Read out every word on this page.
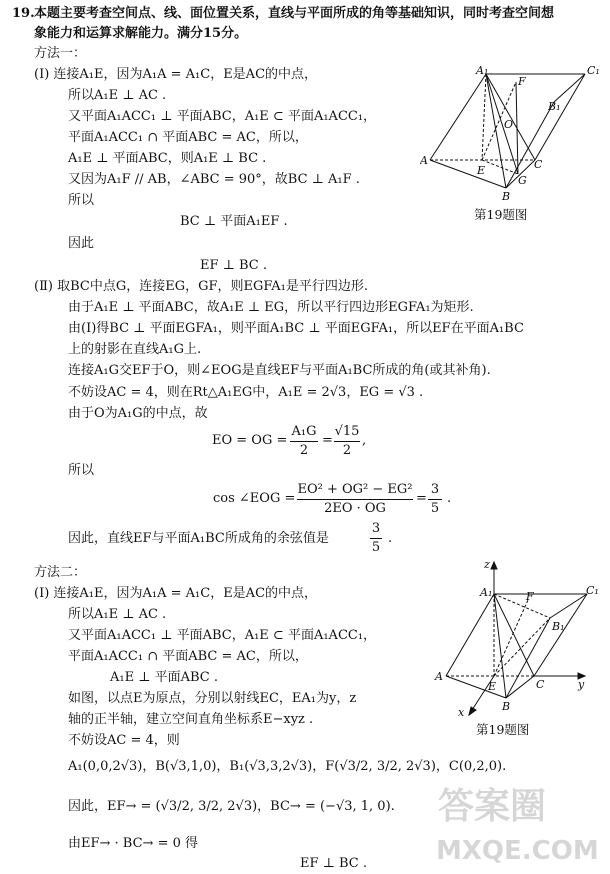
19. 本题主要考查空间点、线、面位置关系，直线与平面所成的角等基础知识，同时考查空间想
象能力和运算求解能力。满分15分。
方法一：
(Ⅰ) 连接A₁E，因为A₁A = A₁C，E是AC的中点，
所以A₁E ⊥ AC .
又平面A₁ACC₁ ⊥ 平面ABC，A₁E ⊂ 平面A₁ACC₁，
平面A₁ACC₁ ∩ 平面ABC = AC，所以，
A₁E ⊥ 平面ABC，则A₁E ⊥ BC .
又因为A₁F // AB，∠ABC = 90°，故BC ⊥ A₁F .
所以
BC ⊥ 平面A₁EF .
因此
EF ⊥ BC .
A₁	C₁
F
B₁
O
A
E	C
G
B
第19题图
(Ⅱ) 取BC中点G，连接EG，GF，则EGFA₁是平行四边形.
由于A₁E ⊥ 平面ABC，故A₁E ⊥ EG，所以平行四边形EGFA₁为矩形.
由(Ⅰ)得BC ⊥ 平面EGFA₁，则平面A₁BC ⊥ 平面EGFA₁，所以EF在平面A₁BC
上的射影在直线A₁G上.
连接A₁G交EF于O，则∠EOG是直线EF与平面A₁BC所成的角(或其补角).
不妨设AC = 4，则在Rt△A₁EG中，A₁E = 2√3，EG = √3 .
由于O为A₁G的中点，故
EO = OG =
A₁G
2
=
√15
2
,
所以
cos ∠EOG =
EO² + OG² − EG²
2EO · OG
=
3
5
.
因此，直线EF与平面A₁BC所成角的余弦值是
3
5
.
方法二：
(Ⅰ) 连接A₁E，因为A₁A = A₁C，E是AC的中点，
所以A₁E ⊥ AC .
又平面A₁ACC₁ ⊥ 平面ABC，A₁E ⊂ 平面A₁ACC₁，
平面A₁ACC₁ ∩ 平面ABC = AC，所以，
A₁E ⊥ 平面ABC .
如图，以点E为原点，分别以射线EC，EA₁为y，z
轴的正半轴，建立空间直角坐标系E−xyz .
不妨设AC = 4，则
z
A₁	F	C₁
B₁
A
E	C
B
x
y
第19题图
A₁(0,0,2√3)，B(√3,1,0)，B₁(√3,3,2√3)，F(√3/2, 3/2, 2√3)，C(0,2,0).
因此，EF→ = (√3/2, 3/2, 2√3)，BC→ = (−√3, 1, 0).
由EF→ · BC→ = 0 得
EF ⊥ BC .
答案圈
MXQE.COM
